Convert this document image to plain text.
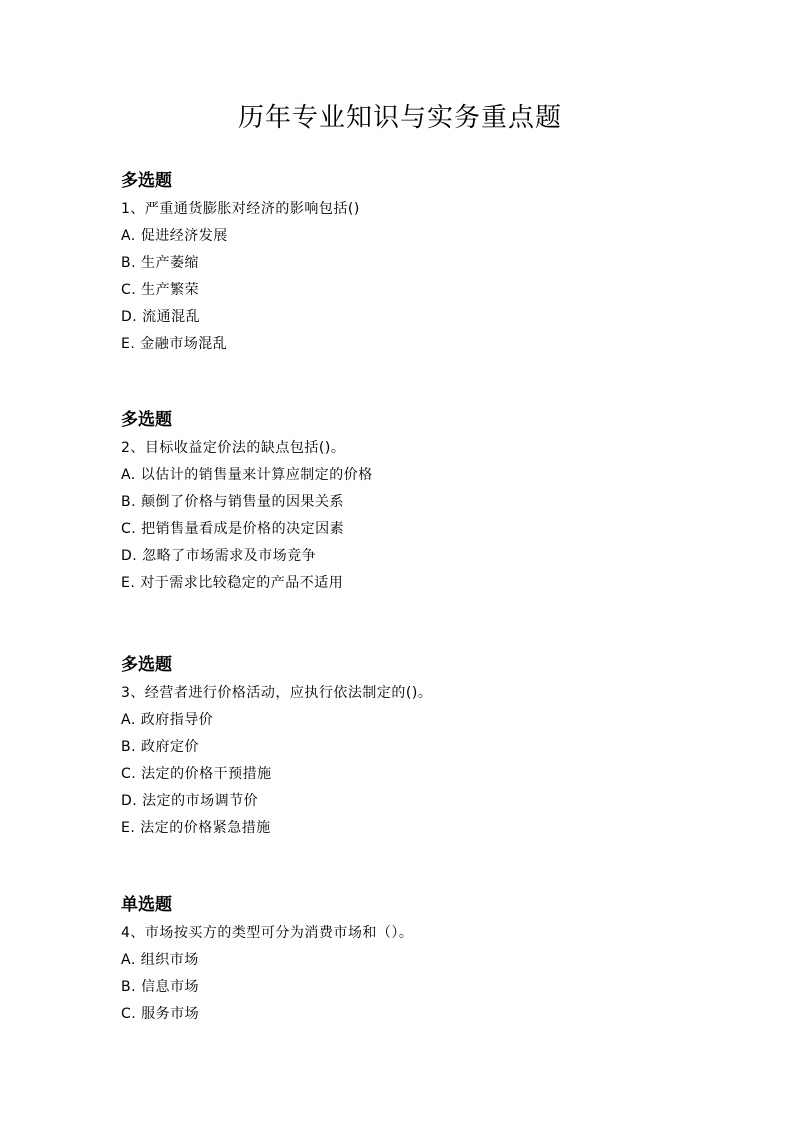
历年专业知识与实务重点题
多选题
1、严重通货膨胀对经济的影响包括()
A. 促进经济发展
B. 生产萎缩
C. 生产繁荣
D. 流通混乱
E. 金融市场混乱
多选题
2、目标收益定价法的缺点包括()。
A. 以估计的销售量来计算应制定的价格
B. 颠倒了价格与销售量的因果关系
C. 把销售量看成是价格的决定因素
D. 忽略了市场需求及市场竞争
E. 对于需求比较稳定的产品不适用
多选题
3、经营者进行价格活动，应执行依法制定的()。
A. 政府指导价
B. 政府定价
C. 法定的价格干预措施
D. 法定的市场调节价
E. 法定的价格紧急措施
单选题
4、市场按买方的类型可分为消费市场和（）。
A. 组织市场
B. 信息市场
C. 服务市场
